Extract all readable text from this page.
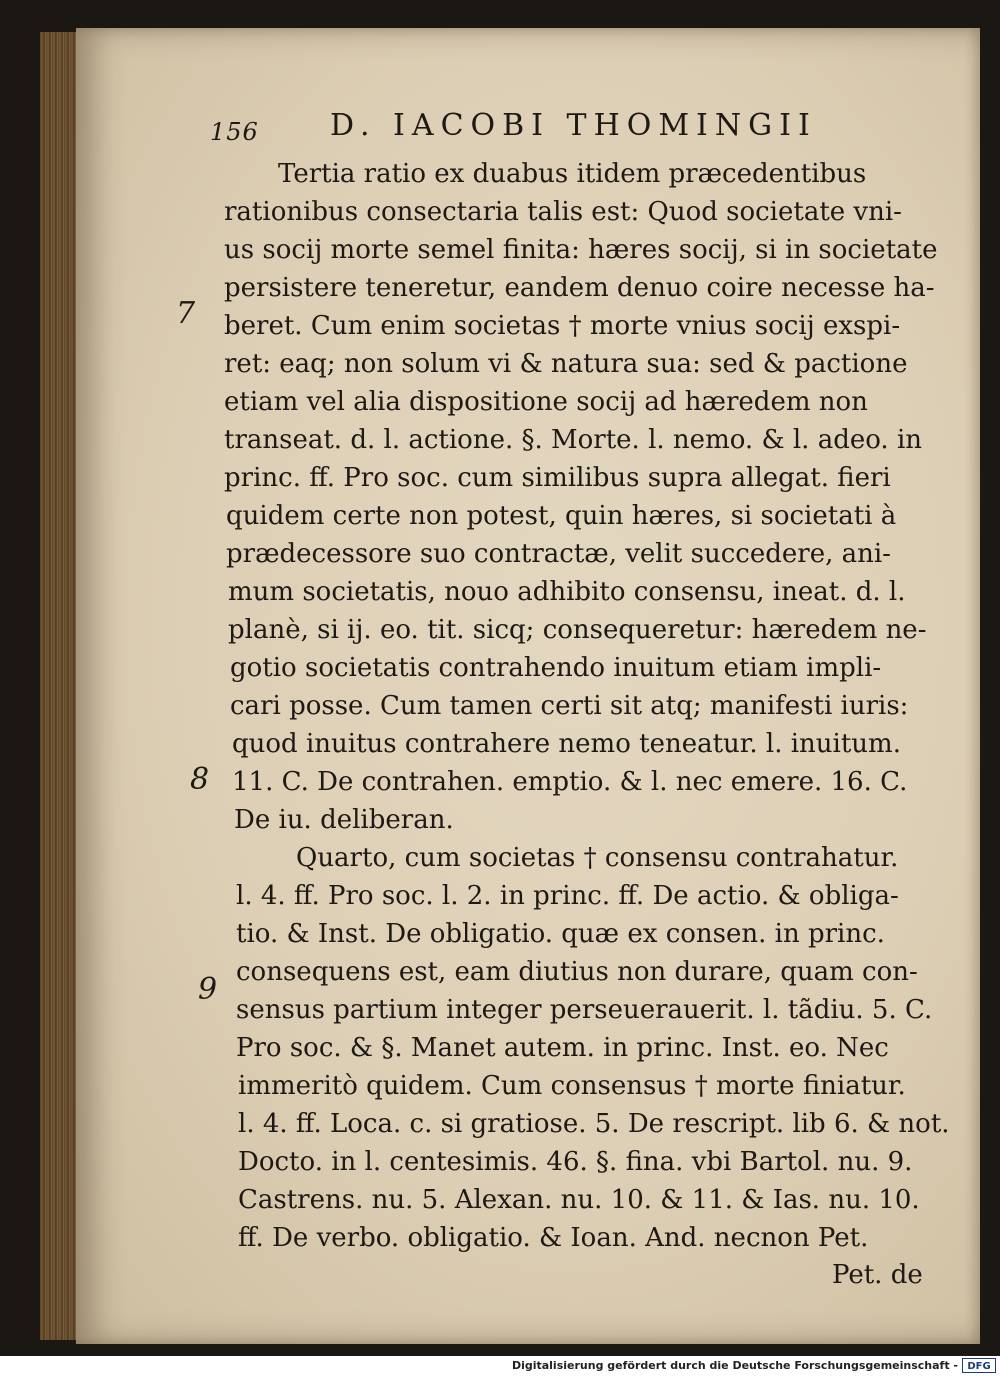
156 D. IACOBI THOMINGII
Tertia ratio ex duabus itidem præcedentibus
rationibus consectaria talis est: Quod societate vni-
us socij morte semel finita: hæres socij, si in societate
persistere teneretur, eandem denuo coire necesse ha-
beret. Cum enim societas † morte vnius socij exspi-
ret: eaq; non solum vi & natura sua: sed & pactione
etiam vel alia dispositione socij ad hæredem non
transeat. d. l. actione. §. Morte. l. nemo. & l. adeo. in
princ. ff. Pro soc. cum similibus supra allegat. fieri
quidem certe non potest, quin hæres, si societati à
prædecessore suo contractæ, velit succedere, ani-
mum societatis, nouo adhibito consensu, ineat. d. l.
planè, si ij. eo. tit. sicq; consequeretur: hæredem ne-
gotio societatis contrahendo inuitum etiam impli-
cari posse. Cum tamen certi sit atq; manifesti iuris:
quod inuitus contrahere nemo teneatur. l. inuitum.
11. C. De contrahen. emptio. & l. nec emere. 16. C.
De iu. deliberan.
Quarto, cum societas † consensu contrahatur.
l. 4. ff. Pro soc. l. 2. in princ. ff. De actio. & obliga-
tio. & Inst. De obligatio. quæ ex consen. in princ.
consequens est, eam diutius non durare, quam con-
sensus partium integer perseuerauerit. l. tãdiu. 5. C.
Pro soc. & §. Manet autem. in princ. Inst. eo. Nec
immeritò quidem. Cum consensus † morte finiatur.
l. 4. ff. Loca. c. si gratiose. 5. De rescript. lib 6. & not.
Docto. in l. centesimis. 46. §. fina. vbi Bartol. nu. 9.
Castrens. nu. 5. Alexan. nu. 10. & 11. & Ias. nu. 10.
ff. De verbo. obligatio. & Ioan. And. necnon Pet.
7
8
9
Pet. de
Digitalisierung gefördert durch die Deutsche Forschungsgemeinschaft - DFG
